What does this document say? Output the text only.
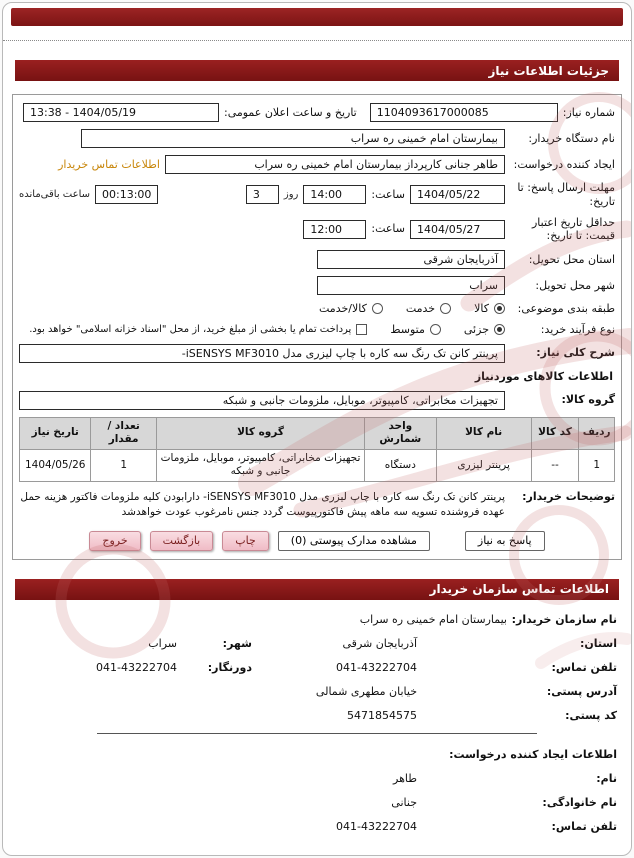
جزئیات اطلاعات نیاز
شماره نیاز:
1104093617000085
تاریخ و ساعت اعلان عمومی:
13:38 - 1404/05/19
نام دستگاه خریدار:
بیمارستان امام خمینی ره سراب
ایجاد کننده درخواست:
طاهر جنانی کارپرداز بیمارستان امام خمینی ره سراب
اطلاعات تماس خریدار
مهلت ارسال پاسخ: تا تاریخ:
1404/05/22
ساعت:
14:00
روز
3
00:13:00
ساعت باقی‌مانده
حداقل تاریخ اعتبار قیمت: تا تاریخ:
1404/05/27
ساعت:
12:00
استان محل تحویل:
آذربایجان شرقی
شهر محل تحویل:
سراب
طبقه بندی موضوعی:
کالا
خدمت
کالا/خدمت
نوع فرآیند خرید:
جزئی
متوسط
پرداخت تمام یا بخشی از مبلغ خرید، از محل "اسناد خزانه اسلامی" خواهد بود.
شرح کلی نیاز:
پرینتر کانن تک رنگ سه کاره با چاپ لیزری مدل iSENSYS MF3010-
اطلاعات کالاهای موردنیاز
گروه کالا:
تجهیزات مخابراتی، کامپیوتر، موبایل، ملزومات جانبی و شبکه
ردیف	کد کالا	نام کالا	واحد شمارش	گروه کالا	تعداد / مقدار	تاریخ نیاز
1	--	پرینتر لیزری	دستگاه	تجهیزات مخابراتی، کامپیوتر، موبایل، ملزومات جانبی و شبکه	1	1404/05/26
توضیحات خریدار:
پرینتر کانن تک رنگ سه کاره با چاپ لیزری مدل iSENSYS MF3010- دارابودن کلیه ملزومات فاکتور هزینه حمل عهده فروشنده تسویه سه ماهه پیش فاکتورپیوست گردد جنس نامرغوب عودت خواهدشد
پاسخ به نیاز
مشاهده مدارک پیوستی (0)
چاپ
بازگشت
خروج
اطلاعات تماس سازمان خریدار
نام سازمان خریدار:
بیمارستان امام خمینی ره سراب
استان:
آذربایجان شرقی
شهر:
سراب
تلفن تماس:
041-43222704
دورنگار:
041-43222704
آدرس پستی:
خیابان مطهری شمالی
کد پستی:
5471854575
اطلاعات ایجاد کننده درخواست:
نام:
طاهر
نام خانوادگی:
جنانی
تلفن تماس:
041-43222704
